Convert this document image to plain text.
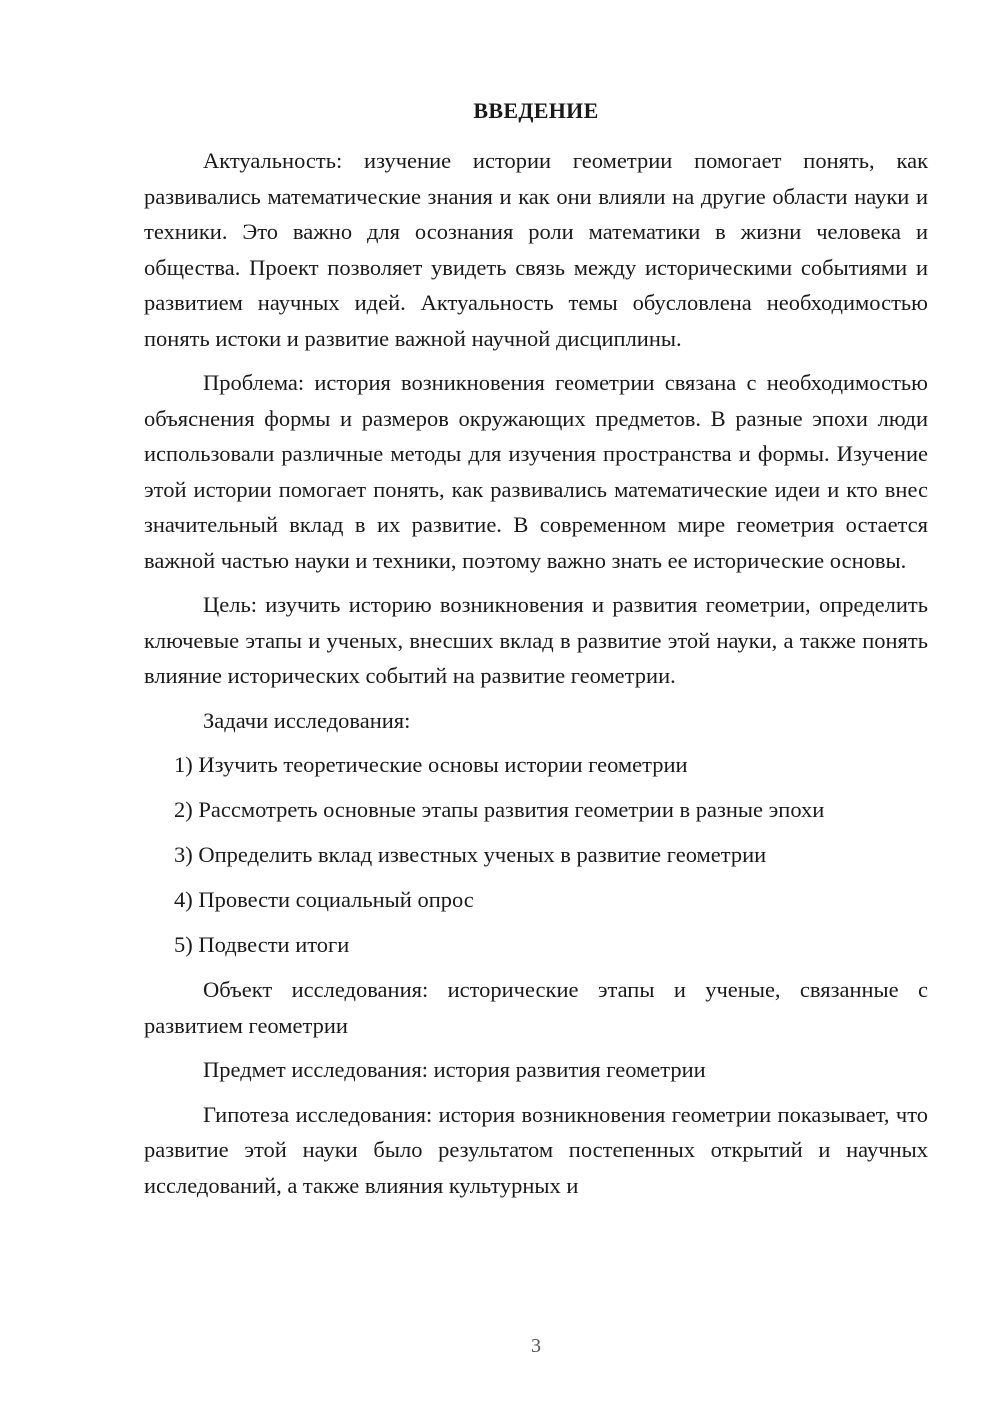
ВВЕДЕНИЕ

Актуальность: изучение истории геометрии помогает понять, как развивались математические знания и как они влияли на другие области науки и техники. Это важно для осознания роли математики в жизни человека и общества. Проект позволяет увидеть связь между историческими событиями и развитием научных идей. Актуальность темы обусловлена необходимостью понять истоки и развитие важной научной дисциплины.

Проблема: история возникновения геометрии связана с необходимостью объяснения формы и размеров окружающих предметов. В разные эпохи люди использовали различные методы для изучения пространства и формы. Изучение этой истории помогает понять, как развивались математические идеи и кто внес значительный вклад в их развитие. В современном мире геометрия остается важной частью науки и техники, поэтому важно знать ее исторические основы.

Цель: изучить историю возникновения и развития геометрии, определить ключевые этапы и ученых, внесших вклад в развитие этой науки, а также понять влияние исторических событий на развитие геометрии.

Задачи исследования:

1) Изучить теоретические основы истории геометрии

2) Рассмотреть основные этапы развития геометрии в разные эпохи

3) Определить вклад известных ученых в развитие геометрии

4) Провести социальный опрос

5) Подвести итоги

Объект исследования: исторические этапы и ученые, связанные с развитием геометрии

Предмет исследования: история развития геометрии

Гипотеза исследования: история возникновения геометрии показывает, что развитие этой науки было результатом постепенных открытий и научных исследований, а также влияния культурных и

3
